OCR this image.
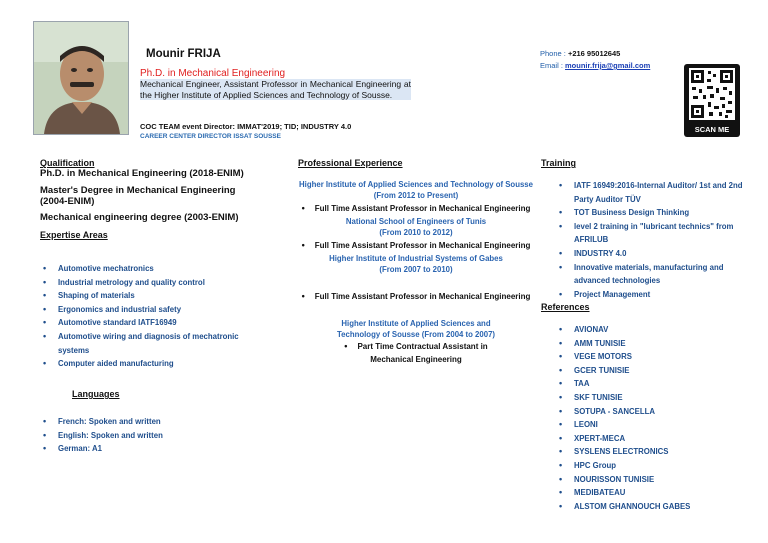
Mounir FRIJA
Ph.D. in Mechanical Engineering
Mechanical Engineer, Assistant Professor in Mechanical Engineering at the Higher Institute of Applied Sciences and Technology of Sousse.
COC TEAM event Director: IMMAT'2019; TID; INDUSTRY 4.0
CAREER CENTER DIRECTOR ISSAT SOUSSE
Phone : +216 95012645
Email : mounir.frija@gmail.com
SCAN ME
Qualification
Ph.D. in Mechanical Engineering (2018-ENIM)
Master's Degree in Mechanical Engineering (2004-ENIM)
Mechanical engineering degree (2003-ENIM)
Expertise Areas
• Automotive mechatronics
• Industrial metrology and quality control
• Shaping of materials
• Ergonomics and industrial safety
• Automotive standard IATF16949
• Automotive wiring and diagnosis of mechatronic systems
• Computer aided manufacturing
Languages
• French: Spoken and written
• English: Spoken and written
• German: A1
Professional Experience
Higher Institute of Applied Sciences and Technology of Sousse (From 2012 to Present)
• Full Time Assistant Professor in Mechanical Engineering
National School of Engineers of Tunis (From 2010 to 2012)
• Full Time Assistant Professor in Mechanical Engineering
Higher Institute of Industrial Systems of Gabes (From 2007 to 2010)
• Full Time Assistant Professor in Mechanical Engineering
Higher Institute of Applied Sciences and Technology of Sousse (From 2004 to 2007)
• Part Time Contractual Assistant in Mechanical Engineering
Training
• IATF 16949:2016-Internal Auditor/ 1st and 2nd Party Auditor TÜV
• TOT Business Design Thinking
• level 2 training in "lubricant technics" from AFRILUB
• INDUSTRY 4.0
• Innovative materials, manufacturing and advanced technologies
• Project Management
References
• AVIONAV
• AMM TUNISIE
• VEGE MOTORS
• GCER TUNISIE
• TAA
• SKF TUNISIE
• SOTUPA - SANCELLA
• LEONI
• XPERT-MECA
• SYSLENS ELECTRONICS
• HPC Group
• NOURISSON TUNISIE
• MEDIBATEAU
• ALSTOM GHANNOUCH GABES
